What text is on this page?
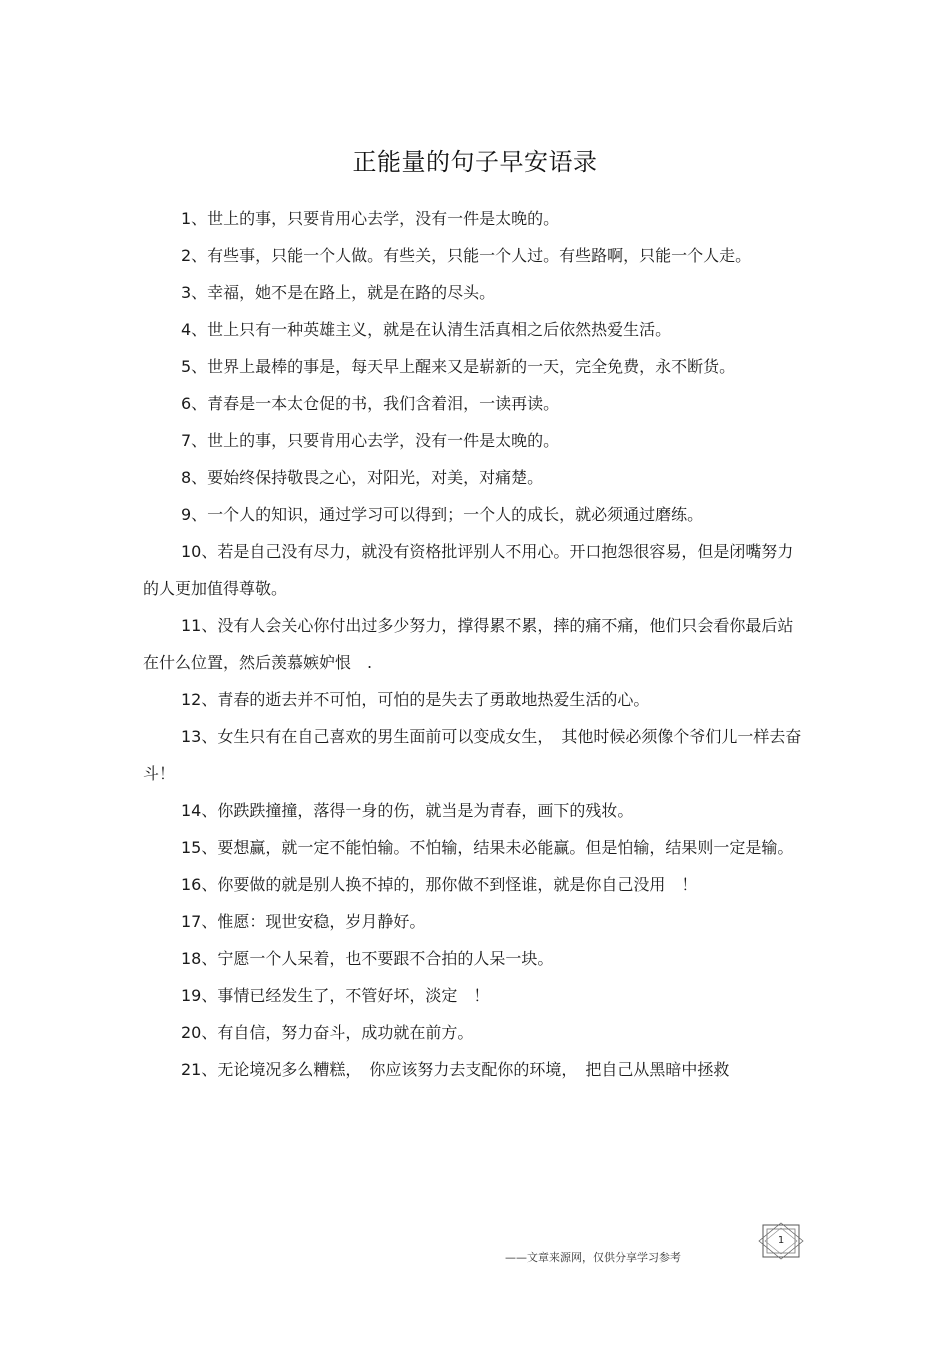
正能量的句子早安语录

1、世上的事，只要肯用心去学，没有一件是太晚的。

2、有些事，只能一个人做。有些关，只能一个人过。有些路啊，只能一个人走。

3、幸福，她不是在路上，就是在路的尽头。

4、世上只有一种英雄主义，就是在认清生活真相之后依然热爱生活。

5、世界上最棒的事是，每天早上醒来又是崭新的一天，完全免费，永不断货。

6、青春是一本太仓促的书，我们含着泪，一读再读。

7、世上的事，只要肯用心去学，没有一件是太晚的。

8、要始终保持敬畏之心，对阳光，对美，对痛楚。

9、一个人的知识，通过学习可以得到；一个人的成长，就必须通过磨练。

10、若是自己没有尽力，就没有资格批评别人不用心。开口抱怨很容易，但是闭嘴努力的人更加值得尊敬。

11、没有人会关心你付出过多少努力，撑得累不累，摔的痛不痛，他们只会看你最后站在什么位置，然后羡慕嫉妒恨　.

12、青春的逝去并不可怕，可怕的是失去了勇敢地热爱生活的心。

13、女生只有在自己喜欢的男生面前可以变成女生，　其他时候必须像个爷们儿一样去奋斗！

14、你跌跌撞撞，落得一身的伤，就当是为青春，画下的残妆。

15、要想赢，就一定不能怕输。不怕输，结果未必能赢。但是怕输，结果则一定是输。

16、你要做的就是别人换不掉的，那你做不到怪谁，就是你自己没用　！

17、惟愿：现世安稳，岁月静好。

18、宁愿一个人呆着，也不要跟不合拍的人呆一块。

19、事情已经发生了，不管好坏，淡定　！

20、有自信，努力奋斗，成功就在前方。

21、无论境况多么糟糕，　你应该努力去支配你的环境，　把自己从黑暗中拯救

1
——文章来源网，仅供分享学习参考
